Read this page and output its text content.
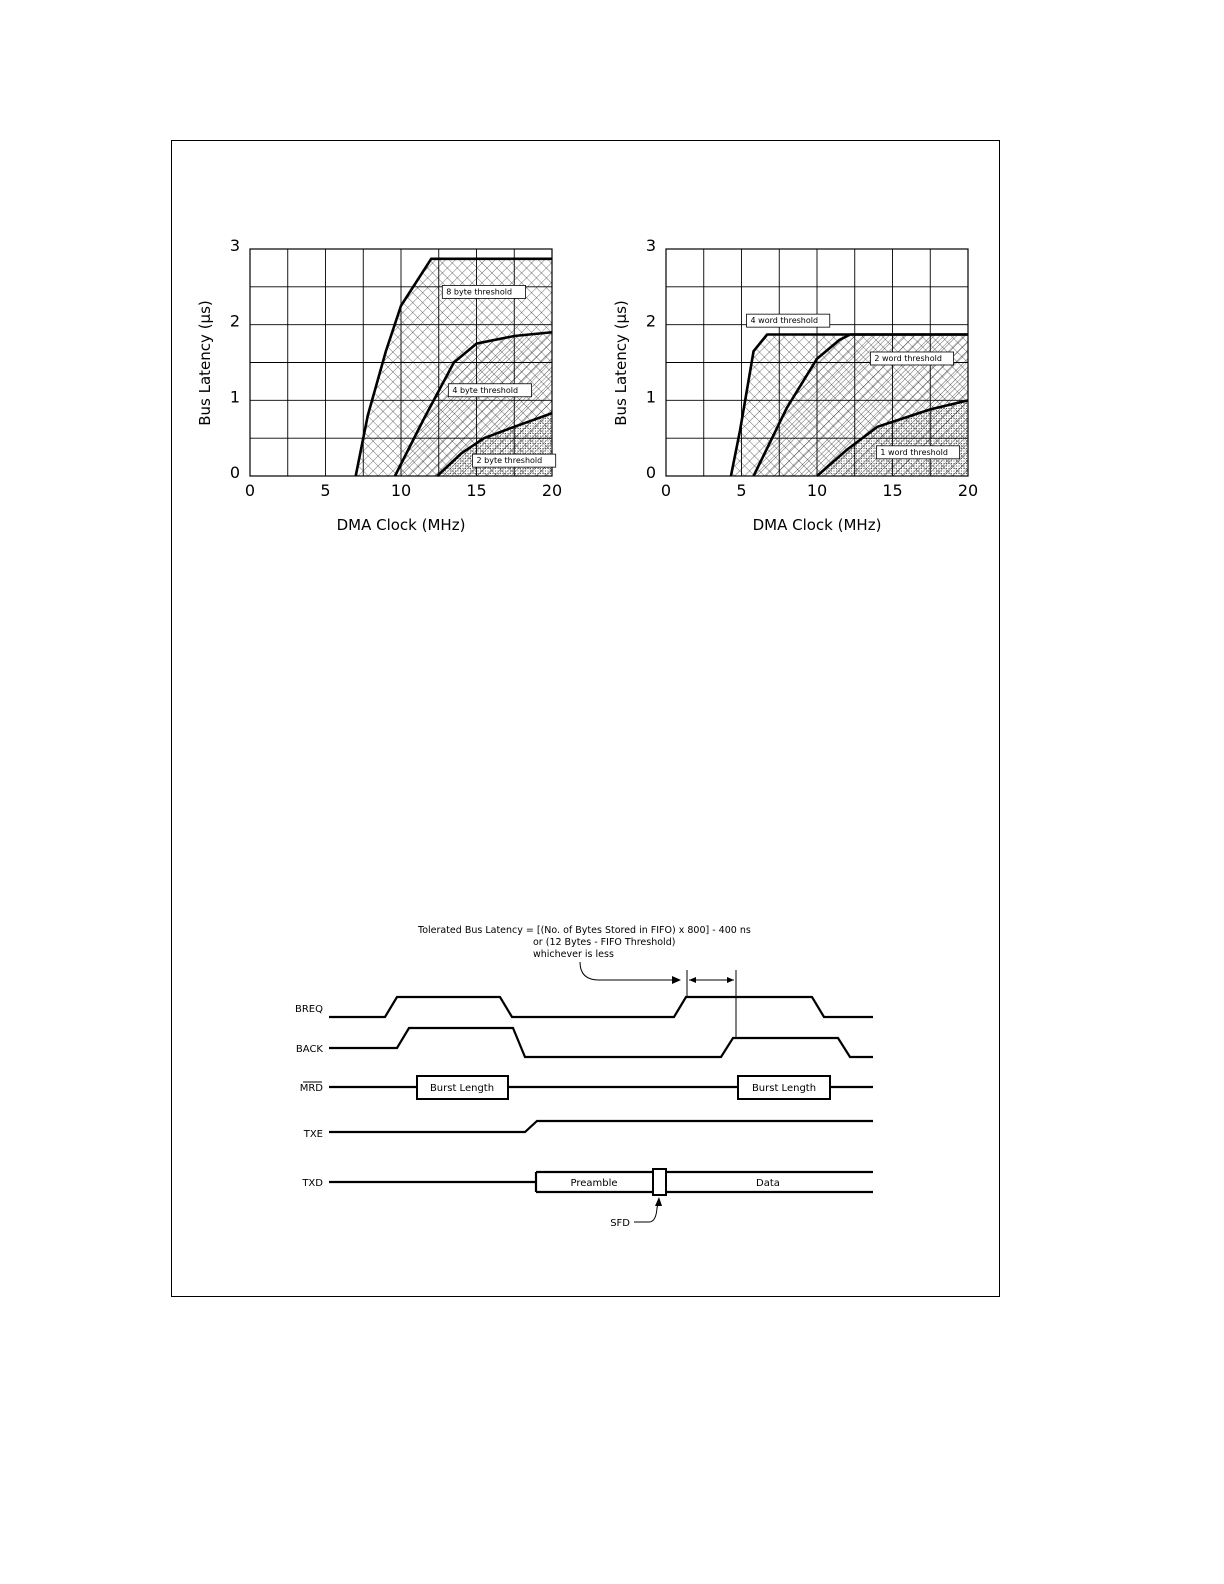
0	5	10	15	20
0
1
2
3
8 byte threshold
4 byte threshold
2 byte threshold
Bus Latency (µs)
DMA Clock (MHz)
0	5	10	15	20
0
1
2
3
4 word threshold
2 word threshold
1 word threshold
Bus Latency (µs)
DMA Clock (MHz)
Tolerated Bus Latency = [(No. of Bytes Stored in FIFO) x 800] - 400 ns
or (12 Bytes - FIFO Threshold)
whichever is less
BREQ
BACK
MRD
TXE
TXD
Burst Length	Burst Length
Preamble	Data
SFD
